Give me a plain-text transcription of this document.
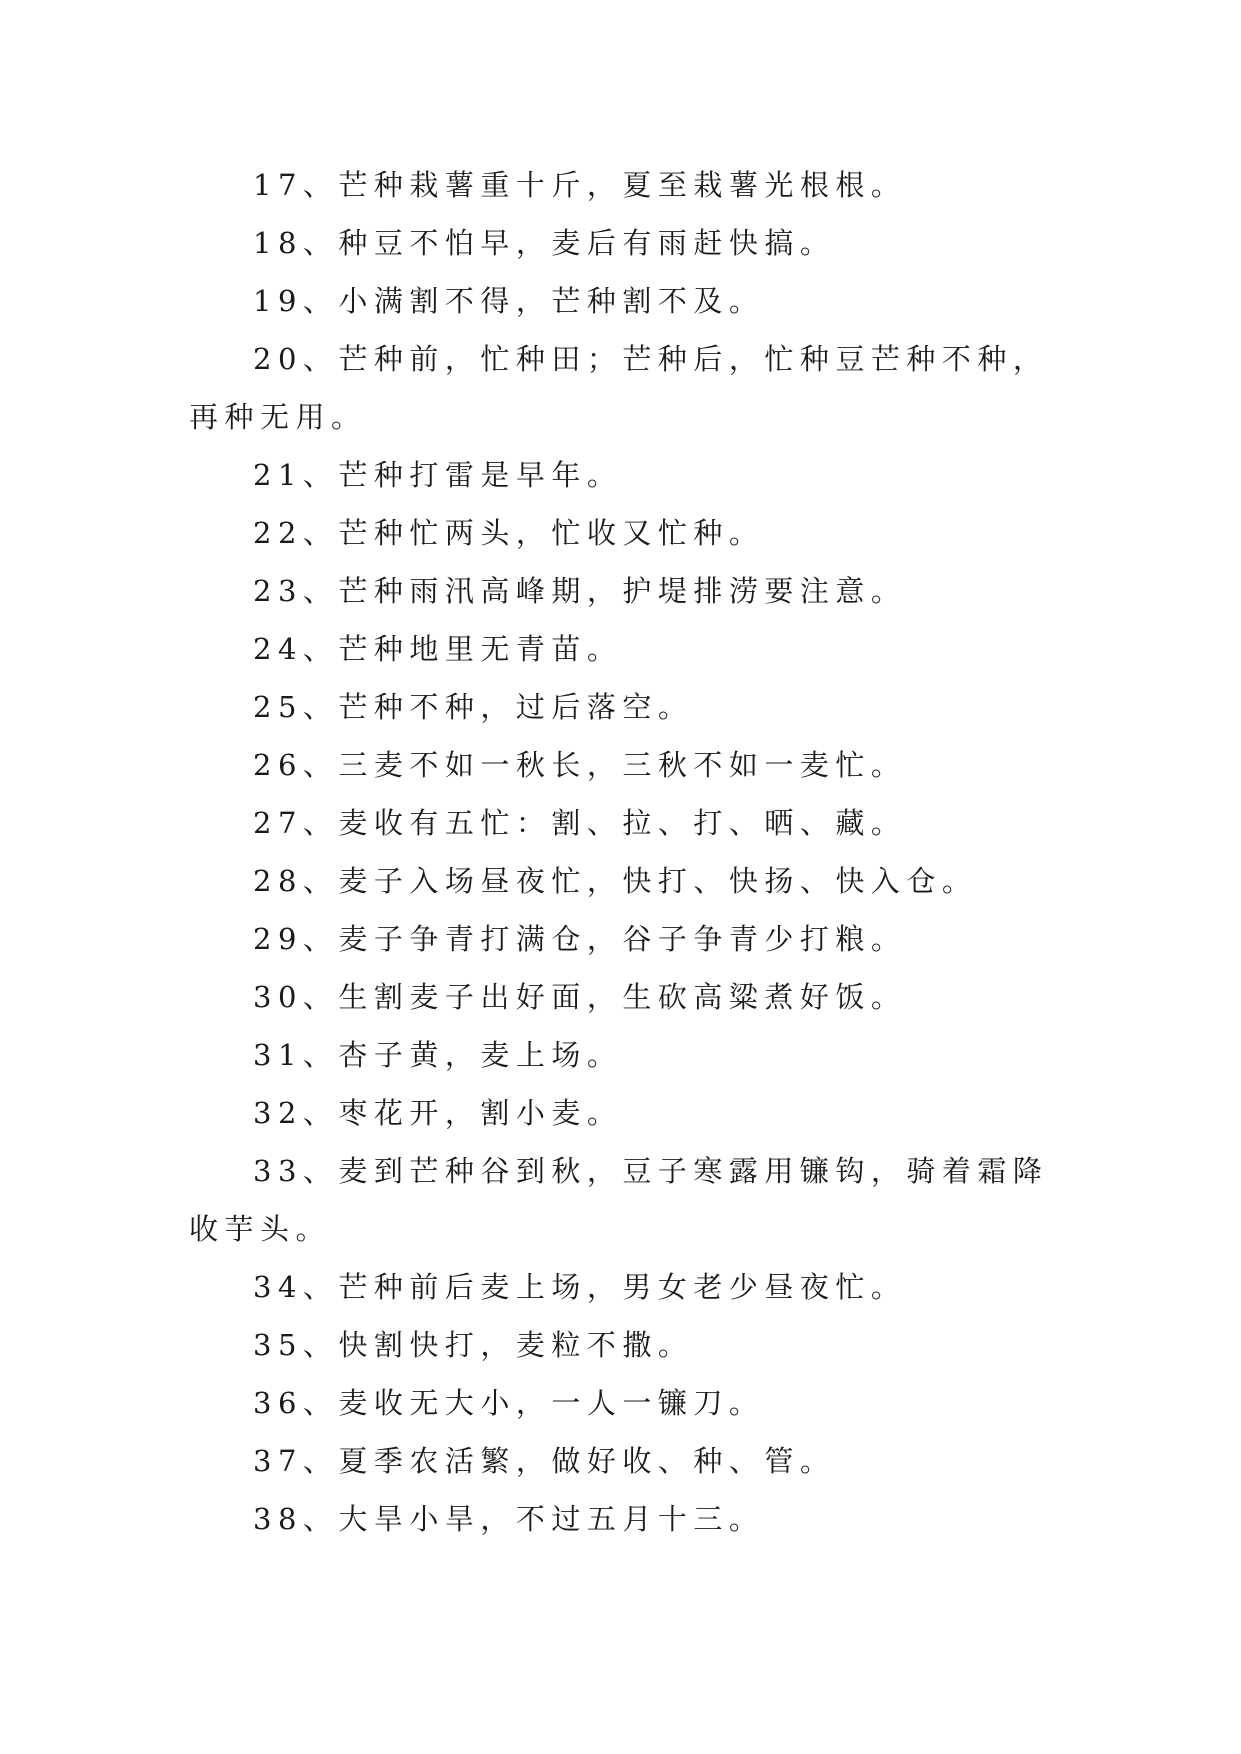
17、芒种栽薯重十斤，夏至栽薯光根根。

18、种豆不怕早，麦后有雨赶快搞。

19、小满割不得，芒种割不及。

20、芒种前，忙种田；芒种后，忙种豆芒种不种，再种无用。

21、芒种打雷是早年。

22、芒种忙两头，忙收又忙种。

23、芒种雨汛高峰期，护堤排涝要注意。

24、芒种地里无青苗。

25、芒种不种，过后落空。

26、三麦不如一秋长，三秋不如一麦忙。

27、麦收有五忙：割、拉、打、晒、藏。

28、麦子入场昼夜忙，快打、快扬、快入仓。

29、麦子争青打满仓，谷子争青少打粮。

30、生割麦子出好面，生砍高粱煮好饭。

31、杏子黄，麦上场。

32、枣花开，割小麦。

33、麦到芒种谷到秋，豆子寒露用镰钩，骑着霜降收芋头。

34、芒种前后麦上场，男女老少昼夜忙。

35、快割快打，麦粒不撒。

36、麦收无大小，一人一镰刀。

37、夏季农活繁，做好收、种、管。

38、大旱小旱，不过五月十三。
